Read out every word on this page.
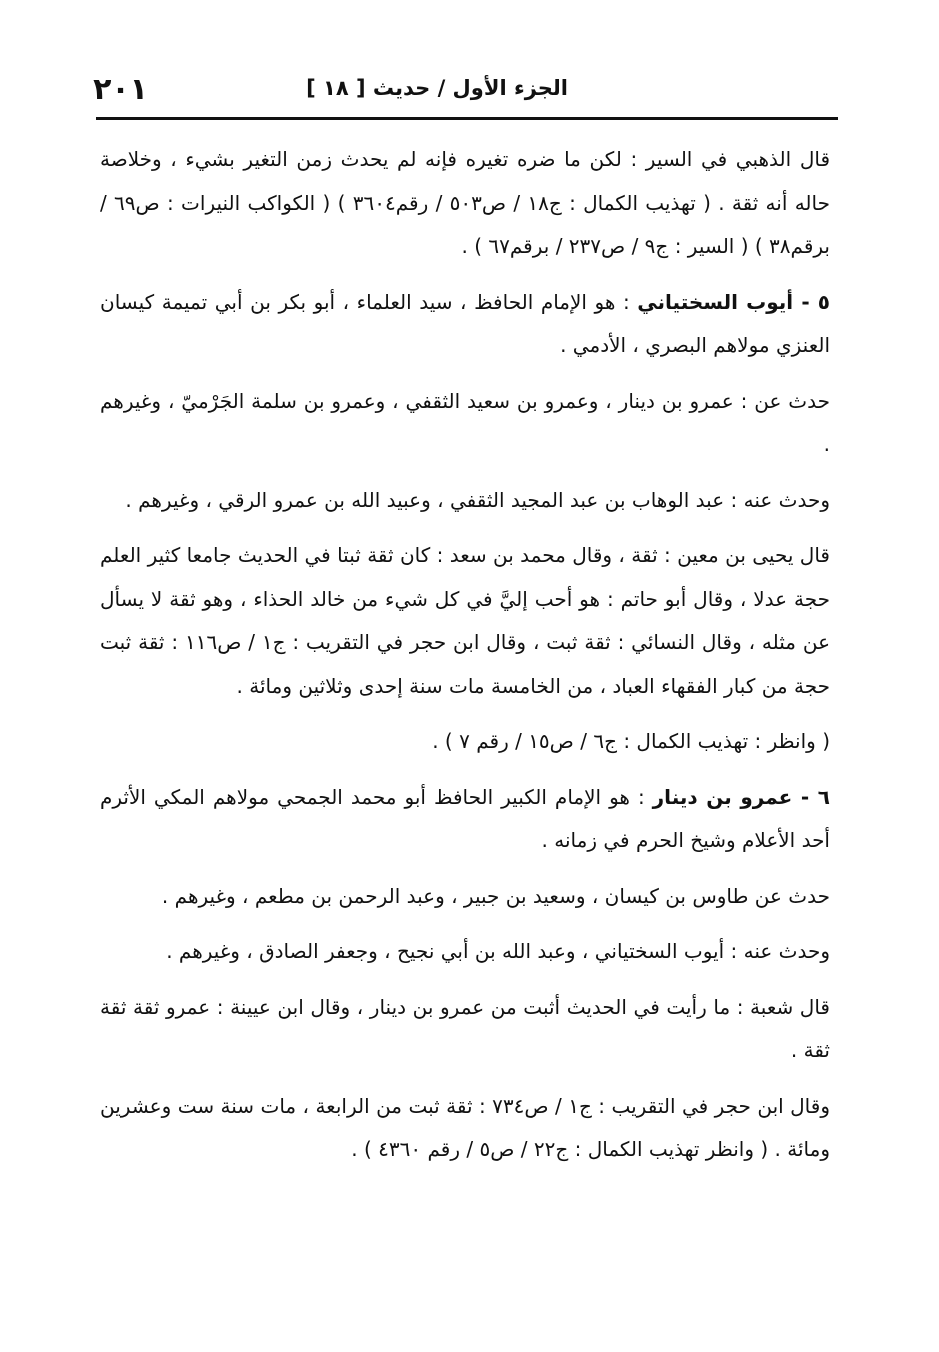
٢٠١	الجزء الأول / حديث [ ١٨ ]

قال الذهبي في السير : لكن ما ضره تغيره فإنه لم يحدث زمن التغير بشيء ، وخلاصة حاله أنه ثقة . ( تهذيب الكمال : ج١٨ / ص٥٠٣ / رقم٣٦٠٤ ) ( الكواكب النيرات : ص٦٩ / برقم٣٨ ) ( السير : ج٩ / ص٢٣٧ / برقم٦٧ ) .

٥ - أيوب السختياني : هو الإمام الحافظ ، سيد العلماء ، أبو بكر بن أبي تميمة كيسان العنزي مولاهم البصري ، الأدمي .

حدث عن : عمرو بن دينار ، وعمرو بن سعيد الثقفي ، وعمرو بن سلمة الجَرْميّ ، وغيرهم .

وحدث عنه : عبد الوهاب بن عبد المجيد الثقفي ، وعبيد الله بن عمرو الرقي ، وغيرهم .

قال يحيى بن معين : ثقة ، وقال محمد بن سعد : كان ثقة ثبتا في الحديث جامعا كثير العلم حجة عدلا ، وقال أبو حاتم : هو أحب إليَّ في كل شيء من خالد الحذاء ، وهو ثقة لا يسأل عن مثله ، وقال النسائي : ثقة ثبت ، وقال ابن حجر في التقريب : ج١ / ص١١٦ : ثقة ثبت حجة من كبار الفقهاء العباد ، من الخامسة مات سنة إحدى وثلاثين ومائة .

( وانظر : تهذيب الكمال : ج٦ / ص١٥ / رقم ٧ ) .

٦ - عمرو بن دينار : هو الإمام الكبير الحافظ أبو محمد الجمحي مولاهم المكي الأثرم أحد الأعلام وشيخ الحرم في زمانه .

حدث عن طاوس بن كيسان ، وسعيد بن جبير ، وعبد الرحمن بن مطعم ، وغيرهم .

وحدث عنه : أيوب السختياني ، وعبد الله بن أبي نجيح ، وجعفر الصادق ، وغيرهم .

قال شعبة : ما رأيت في الحديث أثبت من عمرو بن دينار ، وقال ابن عيينة : عمرو ثقة ثقة ثقة .

وقال ابن حجر في التقريب : ج١ / ص٧٣٤ : ثقة ثبت من الرابعة ، مات سنة ست وعشرين ومائة . ( وانظر تهذيب الكمال : ج٢٢ / ص٥ / رقم ٤٣٦٠ ) .
